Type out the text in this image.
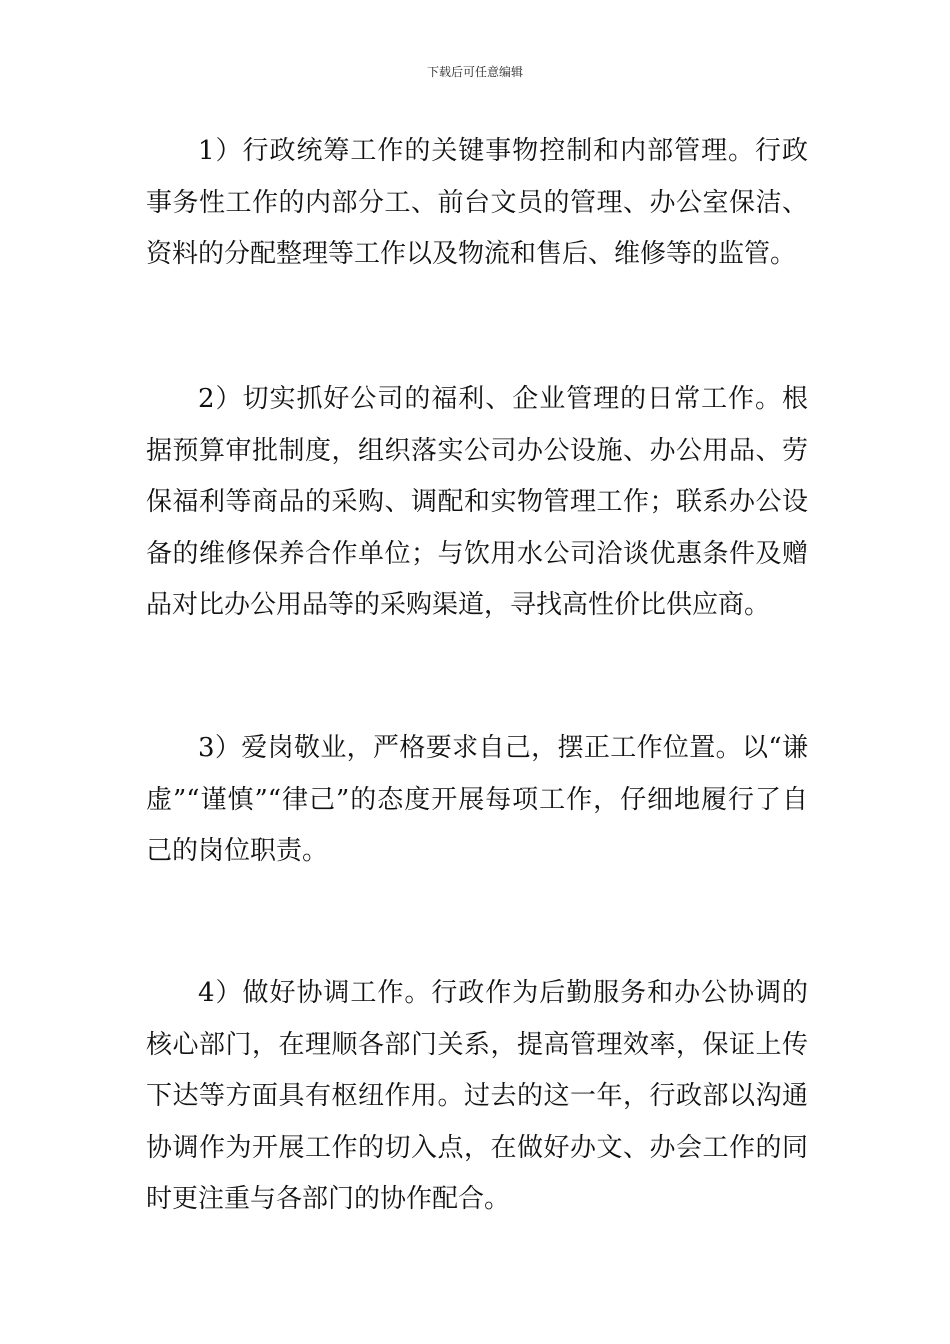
下载后可任意编辑

1）行政统筹工作的关键事物控制和内部管理。行政事务性工作的内部分工、前台文员的管理、办公室保洁、资料的分配整理等工作以及物流和售后、维修等的监管。

2）切实抓好公司的福利、企业管理的日常工作。根据预算审批制度，组织落实公司办公设施、办公用品、劳保福利等商品的采购、调配和实物管理工作；联系办公设备的维修保养合作单位；与饮用水公司洽谈优惠条件及赠品对比办公用品等的采购渠道，寻找高性价比供应商。

3）爱岗敬业，严格要求自己，摆正工作位置。以“谦虚”“谨慎”“律己”的态度开展每项工作，仔细地履行了自己的岗位职责。

4）做好协调工作。行政作为后勤服务和办公协调的核心部门，在理顺各部门关系，提高管理效率，保证上传下达等方面具有枢纽作用。过去的这一年，行政部以沟通协调作为开展工作的切入点，在做好办文、办会工作的同时更注重与各部门的协作配合。
